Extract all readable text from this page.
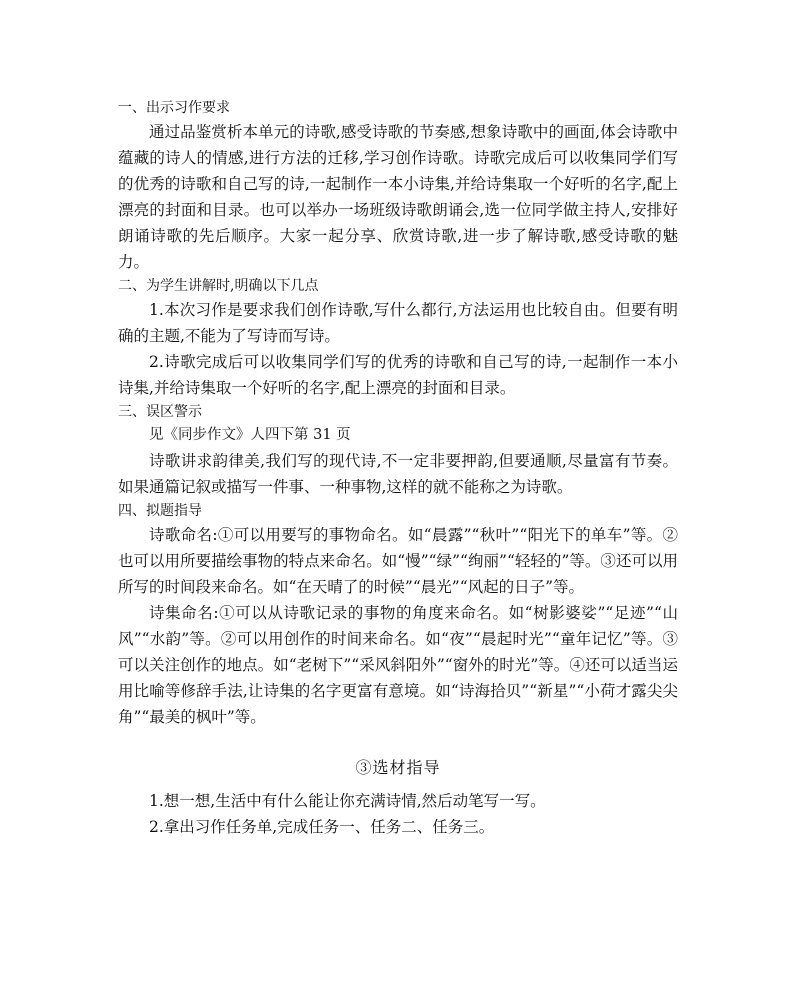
一、出示习作要求

通过品鉴赏析本单元的诗歌,感受诗歌的节奏感,想象诗歌中的画面,体会诗歌中蕴藏的诗人的情感,进行方法的迁移,学习创作诗歌。诗歌完成后可以收集同学们写的优秀的诗歌和自己写的诗,一起制作一本小诗集,并给诗集取一个好听的名字,配上漂亮的封面和目录。也可以举办一场班级诗歌朗诵会,选一位同学做主持人,安排好朗诵诗歌的先后顺序。大家一起分享、欣赏诗歌,进一步了解诗歌,感受诗歌的魅力。

二、为学生讲解时,明确以下几点

1.本次习作是要求我们创作诗歌,写什么都行,方法运用也比较自由。但要有明确的主题,不能为了写诗而写诗。

2.诗歌完成后可以收集同学们写的优秀的诗歌和自己写的诗,一起制作一本小诗集,并给诗集取一个好听的名字,配上漂亮的封面和目录。

三、误区警示

见《同步作文》人四下第 31 页

诗歌讲求韵律美,我们写的现代诗,不一定非要押韵,但要通顺,尽量富有节奏。如果通篇记叙或描写一件事、一种事物,这样的就不能称之为诗歌。

四、拟题指导

诗歌命名:①可以用要写的事物命名。如“晨露”“秋叶”“阳光下的单车”等。②也可以用所要描绘事物的特点来命名。如“慢”“绿”“绚丽”“轻轻的”等。③还可以用所写的时间段来命名。如“在天晴了的时候”“晨光”“风起的日子”等。

诗集命名:①可以从诗歌记录的事物的角度来命名。如“树影婆娑”“足迹”“山风”“水韵”等。②可以用创作的时间来命名。如“夜”“晨起时光”“童年记忆”等。③可以关注创作的地点。如“老树下”“采风斜阳外”“窗外的时光”等。④还可以适当运用比喻等修辞手法,让诗集的名字更富有意境。如“诗海拾贝”“新星”“小荷才露尖尖角”“最美的枫叶”等。

③选材指导

1.想一想,生活中有什么能让你充满诗情,然后动笔写一写。

2.拿出习作任务单,完成任务一、任务二、任务三。
